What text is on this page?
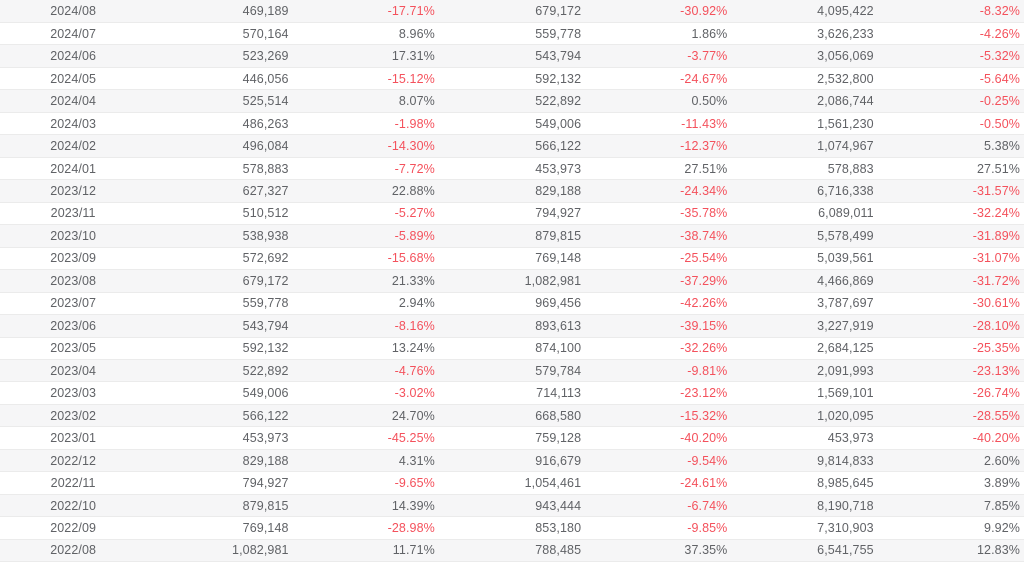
2024/08	469,189	-17.71%	679,172	-30.92%	4,095,422	-8.32%
2024/07	570,164	8.96%	559,778	1.86%	3,626,233	-4.26%
2024/06	523,269	17.31%	543,794	-3.77%	3,056,069	-5.32%
2024/05	446,056	-15.12%	592,132	-24.67%	2,532,800	-5.64%
2024/04	525,514	8.07%	522,892	0.50%	2,086,744	-0.25%
2024/03	486,263	-1.98%	549,006	-11.43%	1,561,230	-0.50%
2024/02	496,084	-14.30%	566,122	-12.37%	1,074,967	5.38%
2024/01	578,883	-7.72%	453,973	27.51%	578,883	27.51%
2023/12	627,327	22.88%	829,188	-24.34%	6,716,338	-31.57%
2023/11	510,512	-5.27%	794,927	-35.78%	6,089,011	-32.24%
2023/10	538,938	-5.89%	879,815	-38.74%	5,578,499	-31.89%
2023/09	572,692	-15.68%	769,148	-25.54%	5,039,561	-31.07%
2023/08	679,172	21.33%	1,082,981	-37.29%	4,466,869	-31.72%
2023/07	559,778	2.94%	969,456	-42.26%	3,787,697	-30.61%
2023/06	543,794	-8.16%	893,613	-39.15%	3,227,919	-28.10%
2023/05	592,132	13.24%	874,100	-32.26%	2,684,125	-25.35%
2023/04	522,892	-4.76%	579,784	-9.81%	2,091,993	-23.13%
2023/03	549,006	-3.02%	714,113	-23.12%	1,569,101	-26.74%
2023/02	566,122	24.70%	668,580	-15.32%	1,020,095	-28.55%
2023/01	453,973	-45.25%	759,128	-40.20%	453,973	-40.20%
2022/12	829,188	4.31%	916,679	-9.54%	9,814,833	2.60%
2022/11	794,927	-9.65%	1,054,461	-24.61%	8,985,645	3.89%
2022/10	879,815	14.39%	943,444	-6.74%	8,190,718	7.85%
2022/09	769,148	-28.98%	853,180	-9.85%	7,310,903	9.92%
2022/08	1,082,981	11.71%	788,485	37.35%	6,541,755	12.83%
